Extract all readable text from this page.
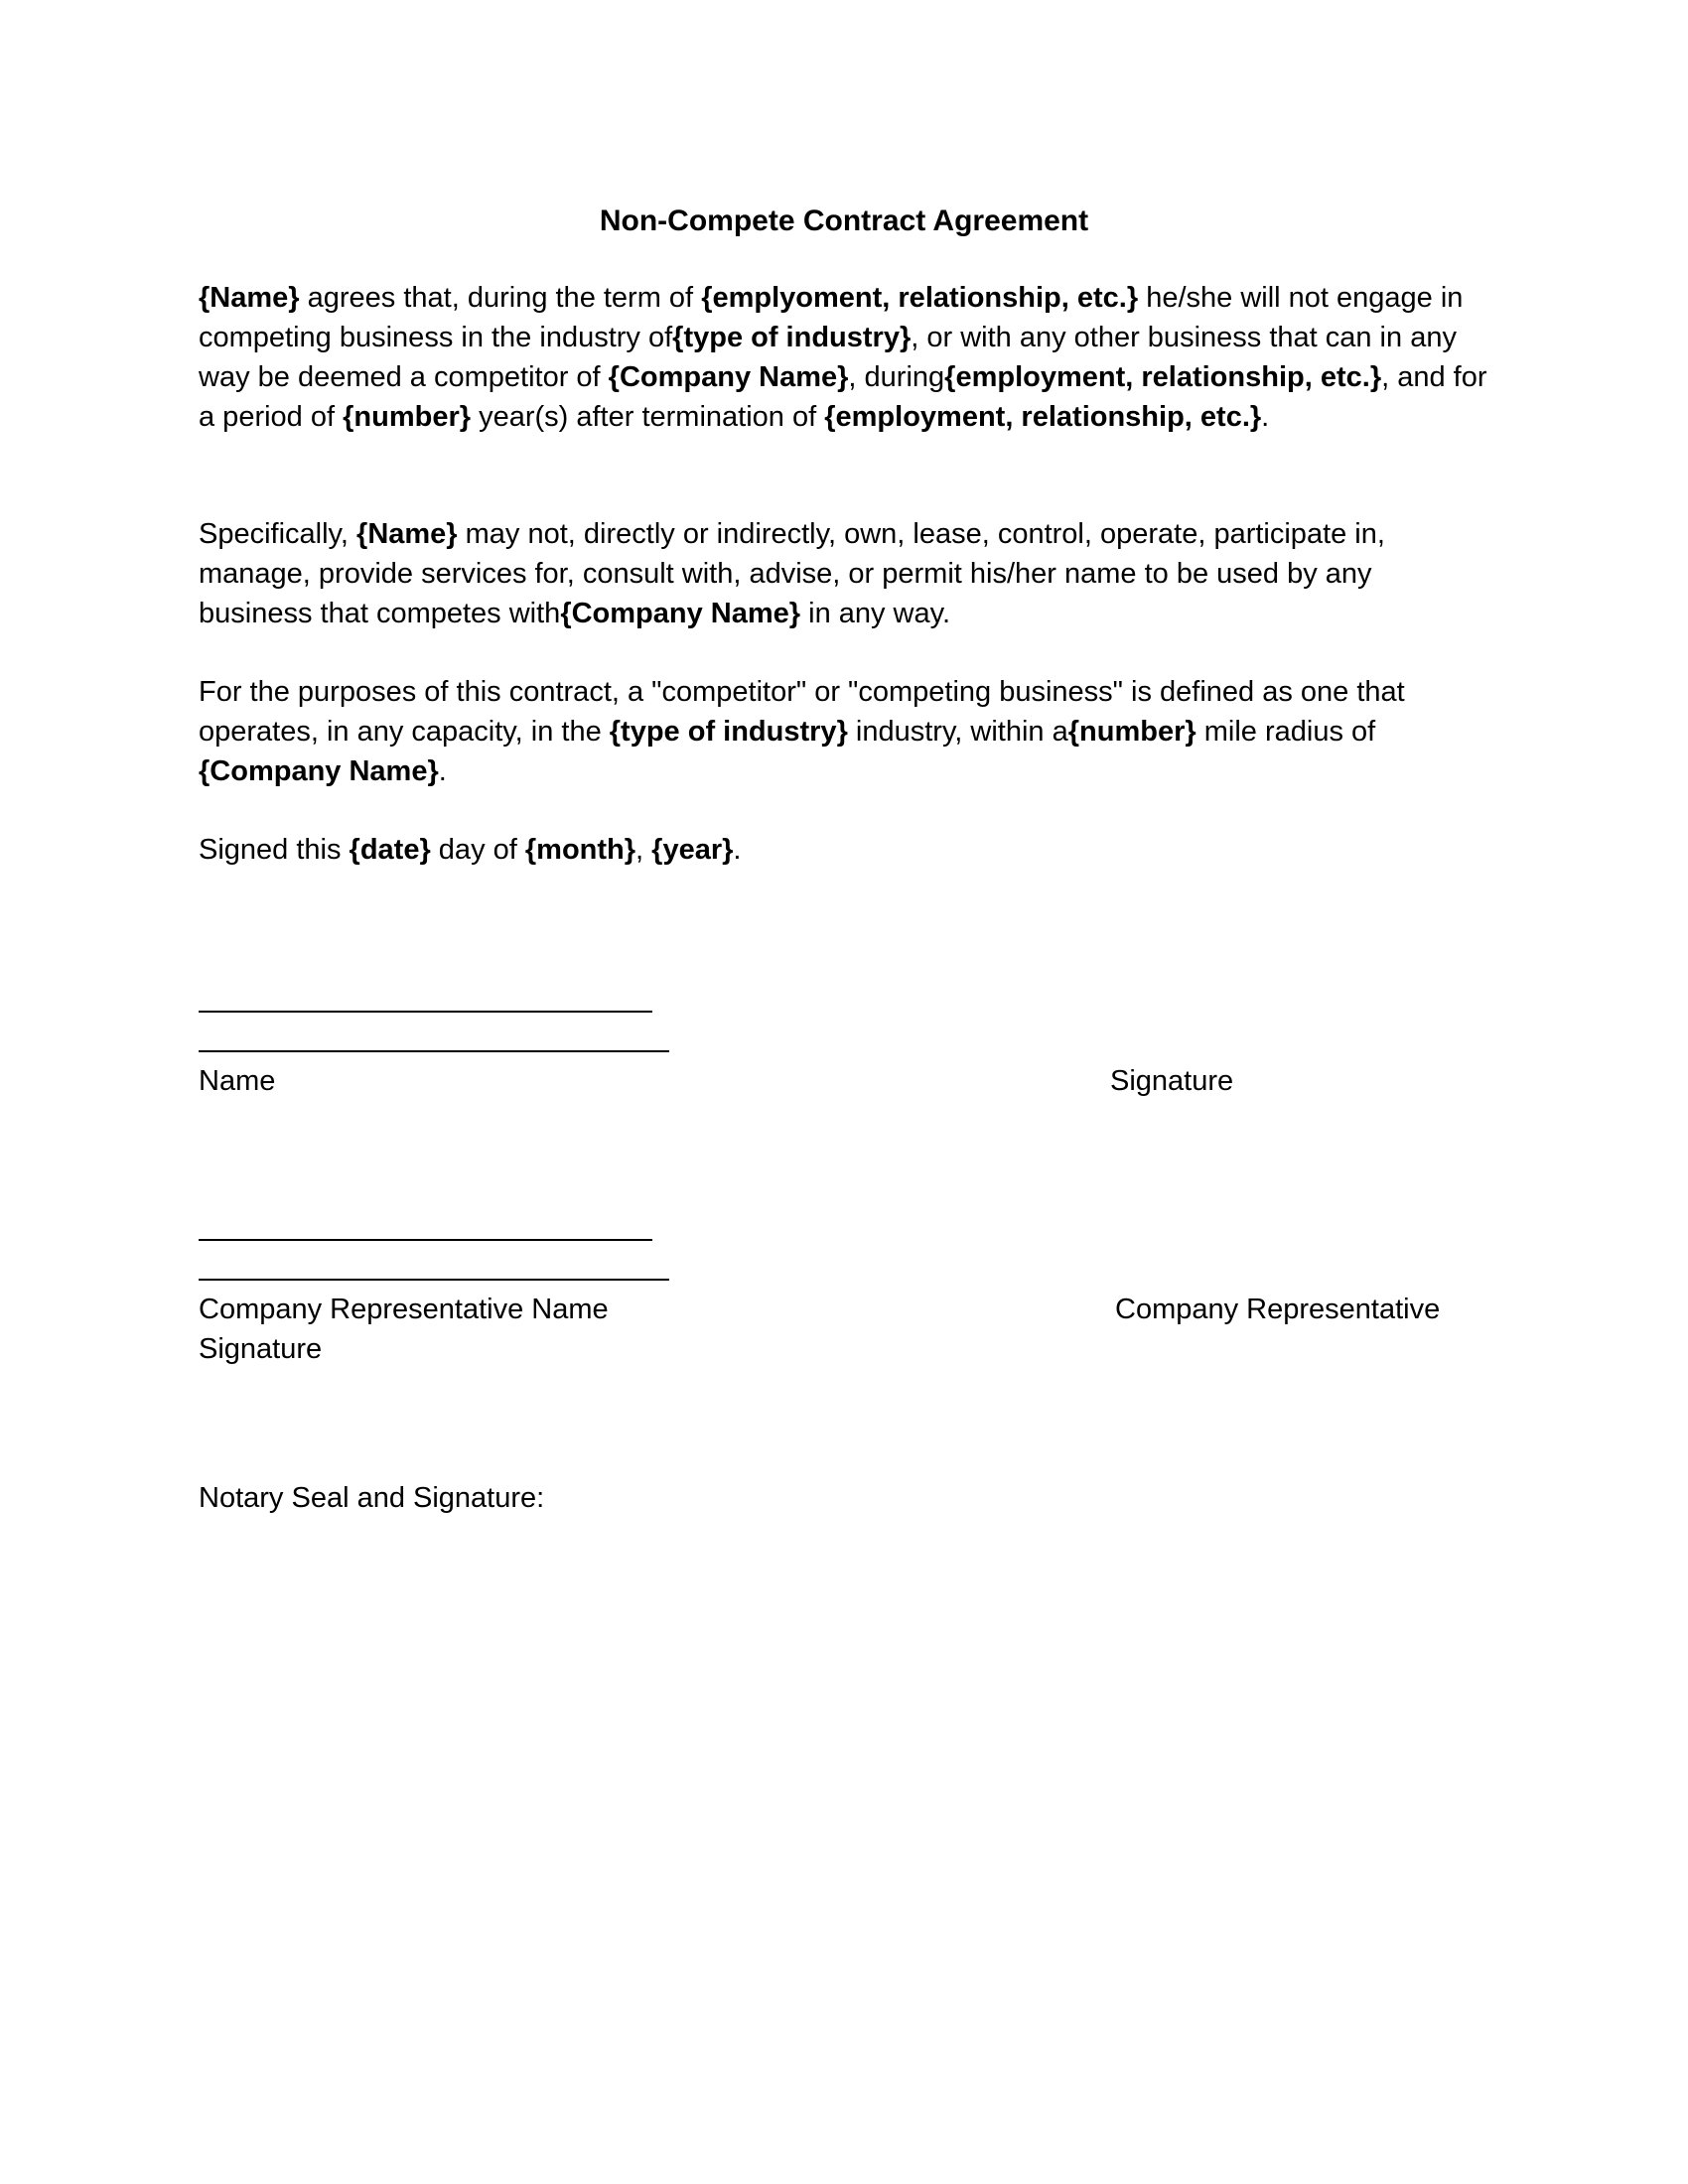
Non-Compete Contract Agreement
{Name} agrees that, during the term of {emplyoment, relationship, etc.} he/she will not engage in competing business in the industry of{type of industry}, or with any other business that can in any way be deemed a competitor of {Company Name}, during{employment, relationship, etc.}, and for a period of {number} year(s) after termination of {employment, relationship, etc.}.
Specifically, {Name} may not, directly or indirectly, own, lease, control, operate, participate in, manage, provide services for, consult with, advise, or permit his/her name to be used by any business that competes with{Company Name} in any way.
For the purposes of this contract, a "competitor" or "competing business" is defined as one that operates, in any capacity, in the {type of industry} industry, within a{number} mile radius of {Company Name}.
Signed this {date} day of {month}, {year}.
Name	Signature
Company Representative Name	Company Representative
Signature
Notary Seal and Signature:
